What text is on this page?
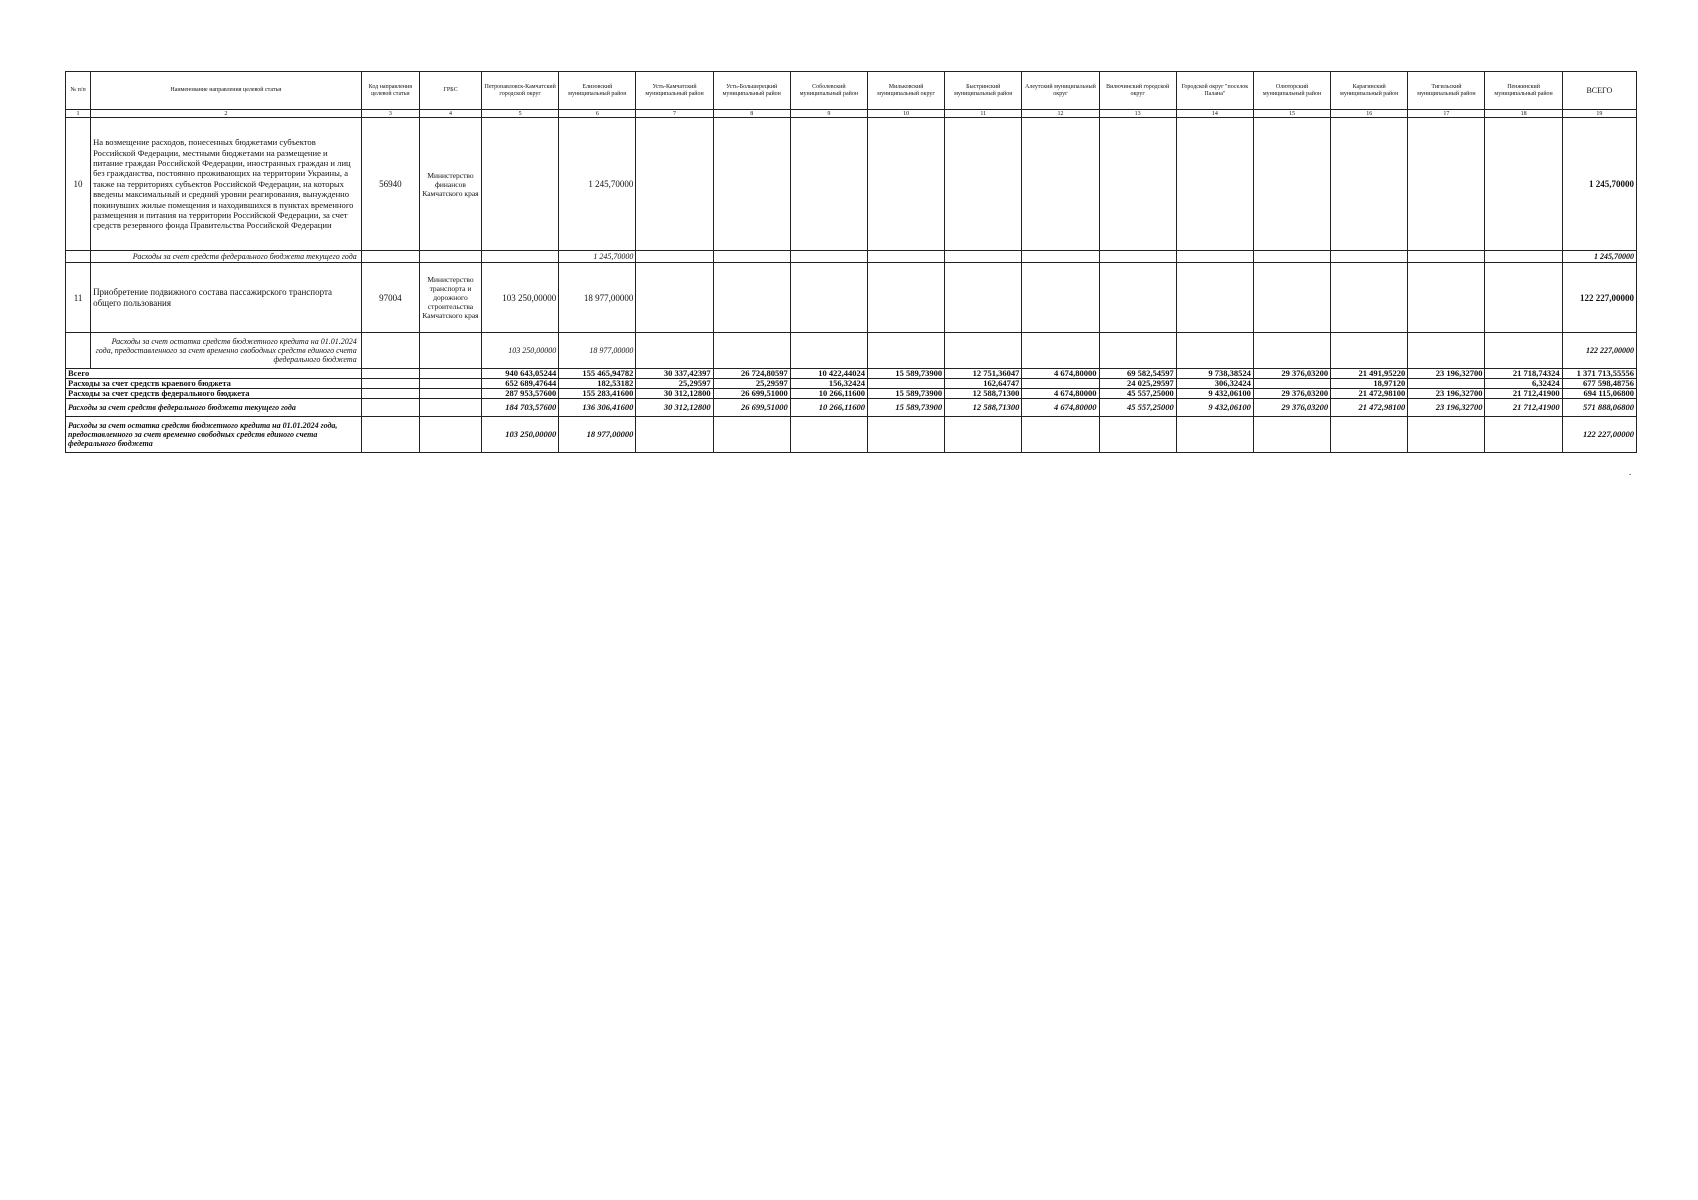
№ п/п	Наименование направления целевой статьи	Код направления целевой статьи	ГРБС	Петропавловск-Камчатский городской округ	Елизовский муниципальный район	Усть-Камчатский муниципальный район	Усть-Большерецкий муниципальный район	Соболевский муниципальный район	Мильковский муниципальный округ	Быстринский муниципальный район	Алеутский муниципальный округ	Вилючинский городской округ	Городской округ "поселок Палана"	Олюторский муниципальный район	Карагинский муниципальный район	Тигильский муниципальный район	Пенжинский муниципальный район	ВСЕГО
1	2	3	4	5	6	7	8	9	10	11	12	13	14	15	16	17	18	19
10	На возмещение расходов, понесенных бюджетами субъектов Российской Федерации, местными бюджетами на размещение и питание граждан Российской Федерации, иностранных граждан и лиц без гражданства, постоянно проживающих на территории Украины, а также на территориях субъектов Российской Федерации, на которых введены максимальный и средний уровни реагирования, вынужденно покинувших жилые помещения и находившихся в пунктах временного размещения и питания на территории Российской Федерации, за счет средств резервного фонда Правительства Российской Федерации	56940	Министерство финансов Камчатского края		1 245,70000													1 245,70000
	Расходы за счет средств федерального бюджета текущего года				1 245,70000													1 245,70000
11	Приобретение подвижного состава пассажирского транспорта общего пользования	97004	Министерство транспорта и дорожного строительства Камчатского края	103 250,00000	18 977,00000													122 227,00000
	Расходы за счет остатка средств бюджетного кредита на 01.01.2024 года, предоставленного за счет временно свободных средств единого счета федерального бюджета			103 250,00000	18 977,00000													122 227,00000
Всего				940 643,05244	155 465,94782	30 337,42397	26 724,80597	10 422,44024	15 589,73900	12 751,36047	4 674,80000	69 582,54597	9 738,38524	29 376,03200	21 491,95220	23 196,32700	21 718,74324	1 371 713,55556
Расходы за счет средств краевого бюджета				652 689,47644	182,53182	25,29597	25,29597	156,32424		162,64747		24 025,29597	306,32424		18,97120		6,32424	677 598,48756
Расходы за счет средств федерального бюджета				287 953,57600	155 283,41600	30 312,12800	26 699,51000	10 266,11600	15 589,73900	12 588,71300	4 674,80000	45 557,25000	9 432,06100	29 376,03200	21 472,98100	23 196,32700	21 712,41900	694 115,06800
Расходы за счет средств федерального бюджета текущего года				184 703,57600	136 306,41600	30 312,12800	26 699,51000	10 266,11600	15 589,73900	12 588,71300	4 674,80000	45 557,25000	9 432,06100	29 376,03200	21 472,98100	23 196,32700	21 712,41900	571 888,06800
Расходы за счет остатка средств бюджетного кредита на 01.01.2024 года, предоставленного за счет временно свободных средств единого счета федерального бюджета				103 250,00000	18 977,00000													122 227,00000
.
